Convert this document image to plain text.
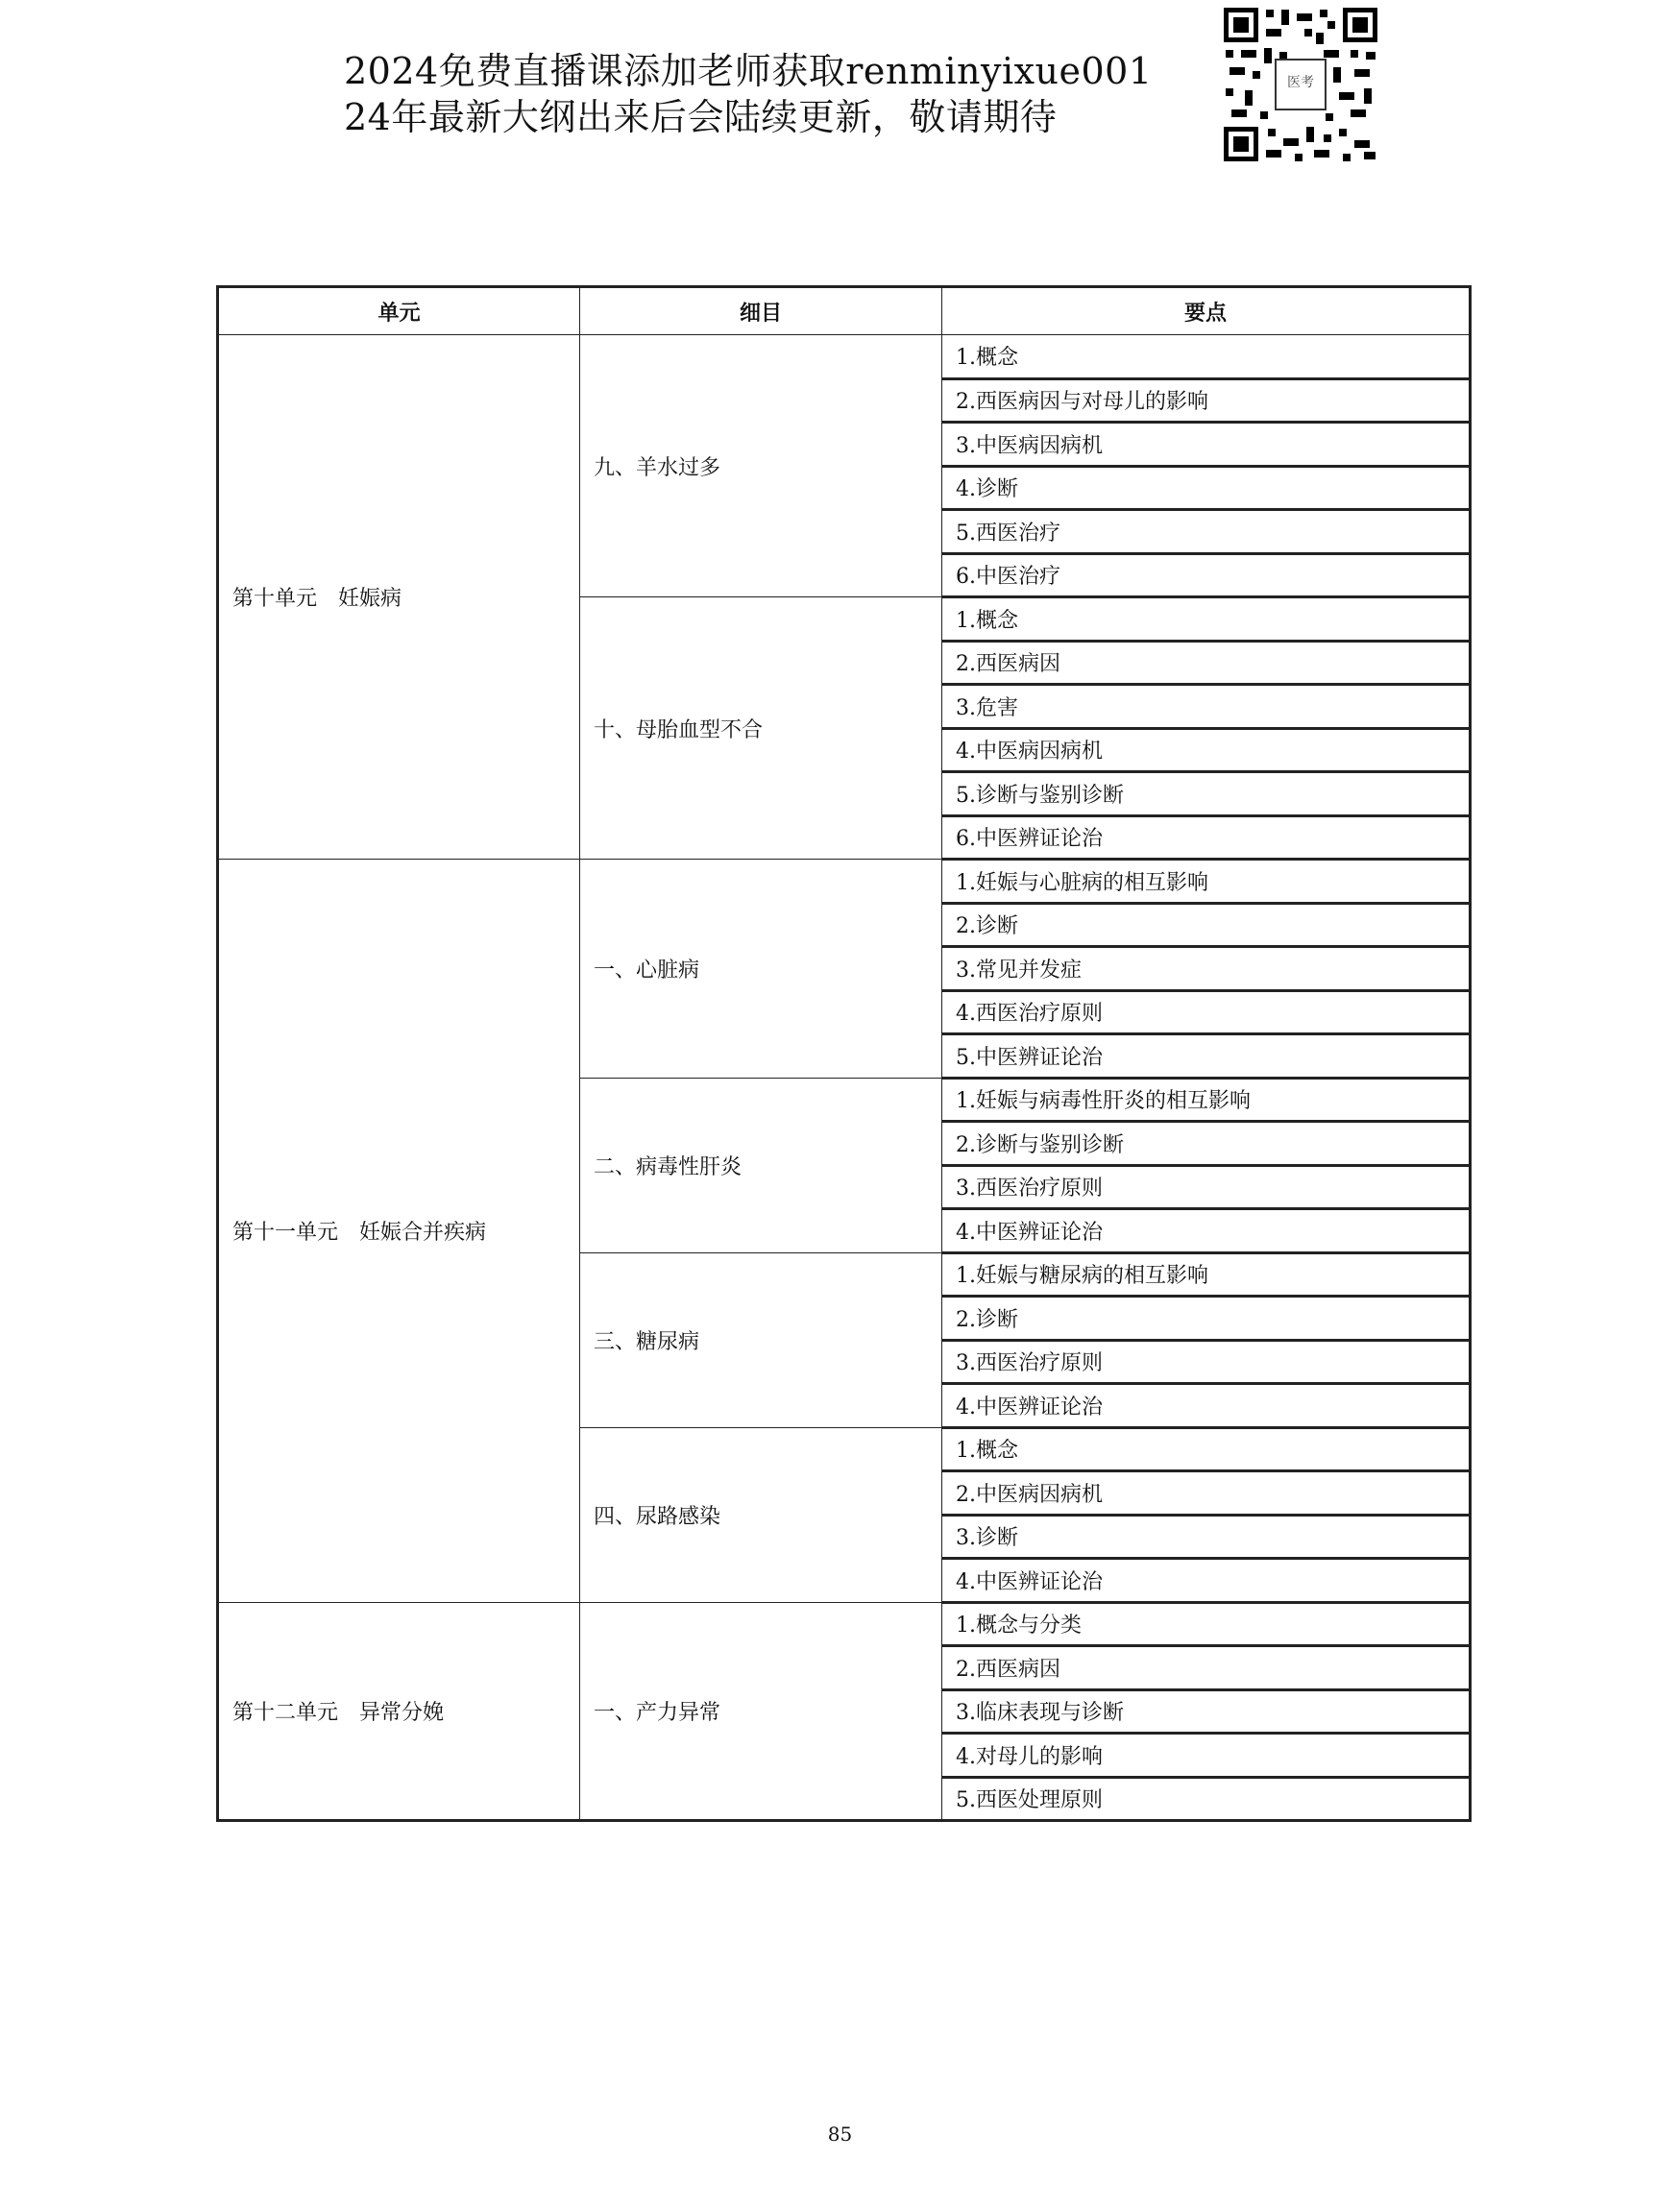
2024免费直播课添加老师获取renminyixue001
24年最新大纲出来后会陆续更新，敬请期待
医考
单元	细目	要点
第十单元　妊娠病	九、羊水过多	1.概念
		2.西医病因与对母儿的影响
		3.中医病因病机
		4.诊断
		5.西医治疗
		6.中医治疗
	十、母胎血型不合	1.概念
		2.西医病因
		3.危害
		4.中医病因病机
		5.诊断与鉴别诊断
		6.中医辨证论治
第十一单元　妊娠合并疾病	一、心脏病	1.妊娠与心脏病的相互影响
		2.诊断
		3.常见并发症
		4.西医治疗原则
		5.中医辨证论治
	二、病毒性肝炎	1.妊娠与病毒性肝炎的相互影响
		2.诊断与鉴别诊断
		3.西医治疗原则
		4.中医辨证论治
	三、糖尿病	1.妊娠与糖尿病的相互影响
		2.诊断
		3.西医治疗原则
		4.中医辨证论治
	四、尿路感染	1.概念
		2.中医病因病机
		3.诊断
		4.中医辨证论治
第十二单元　异常分娩	一、产力异常	1.概念与分类
		2.西医病因
		3.临床表现与诊断
		4.对母儿的影响
		5.西医处理原则
85
